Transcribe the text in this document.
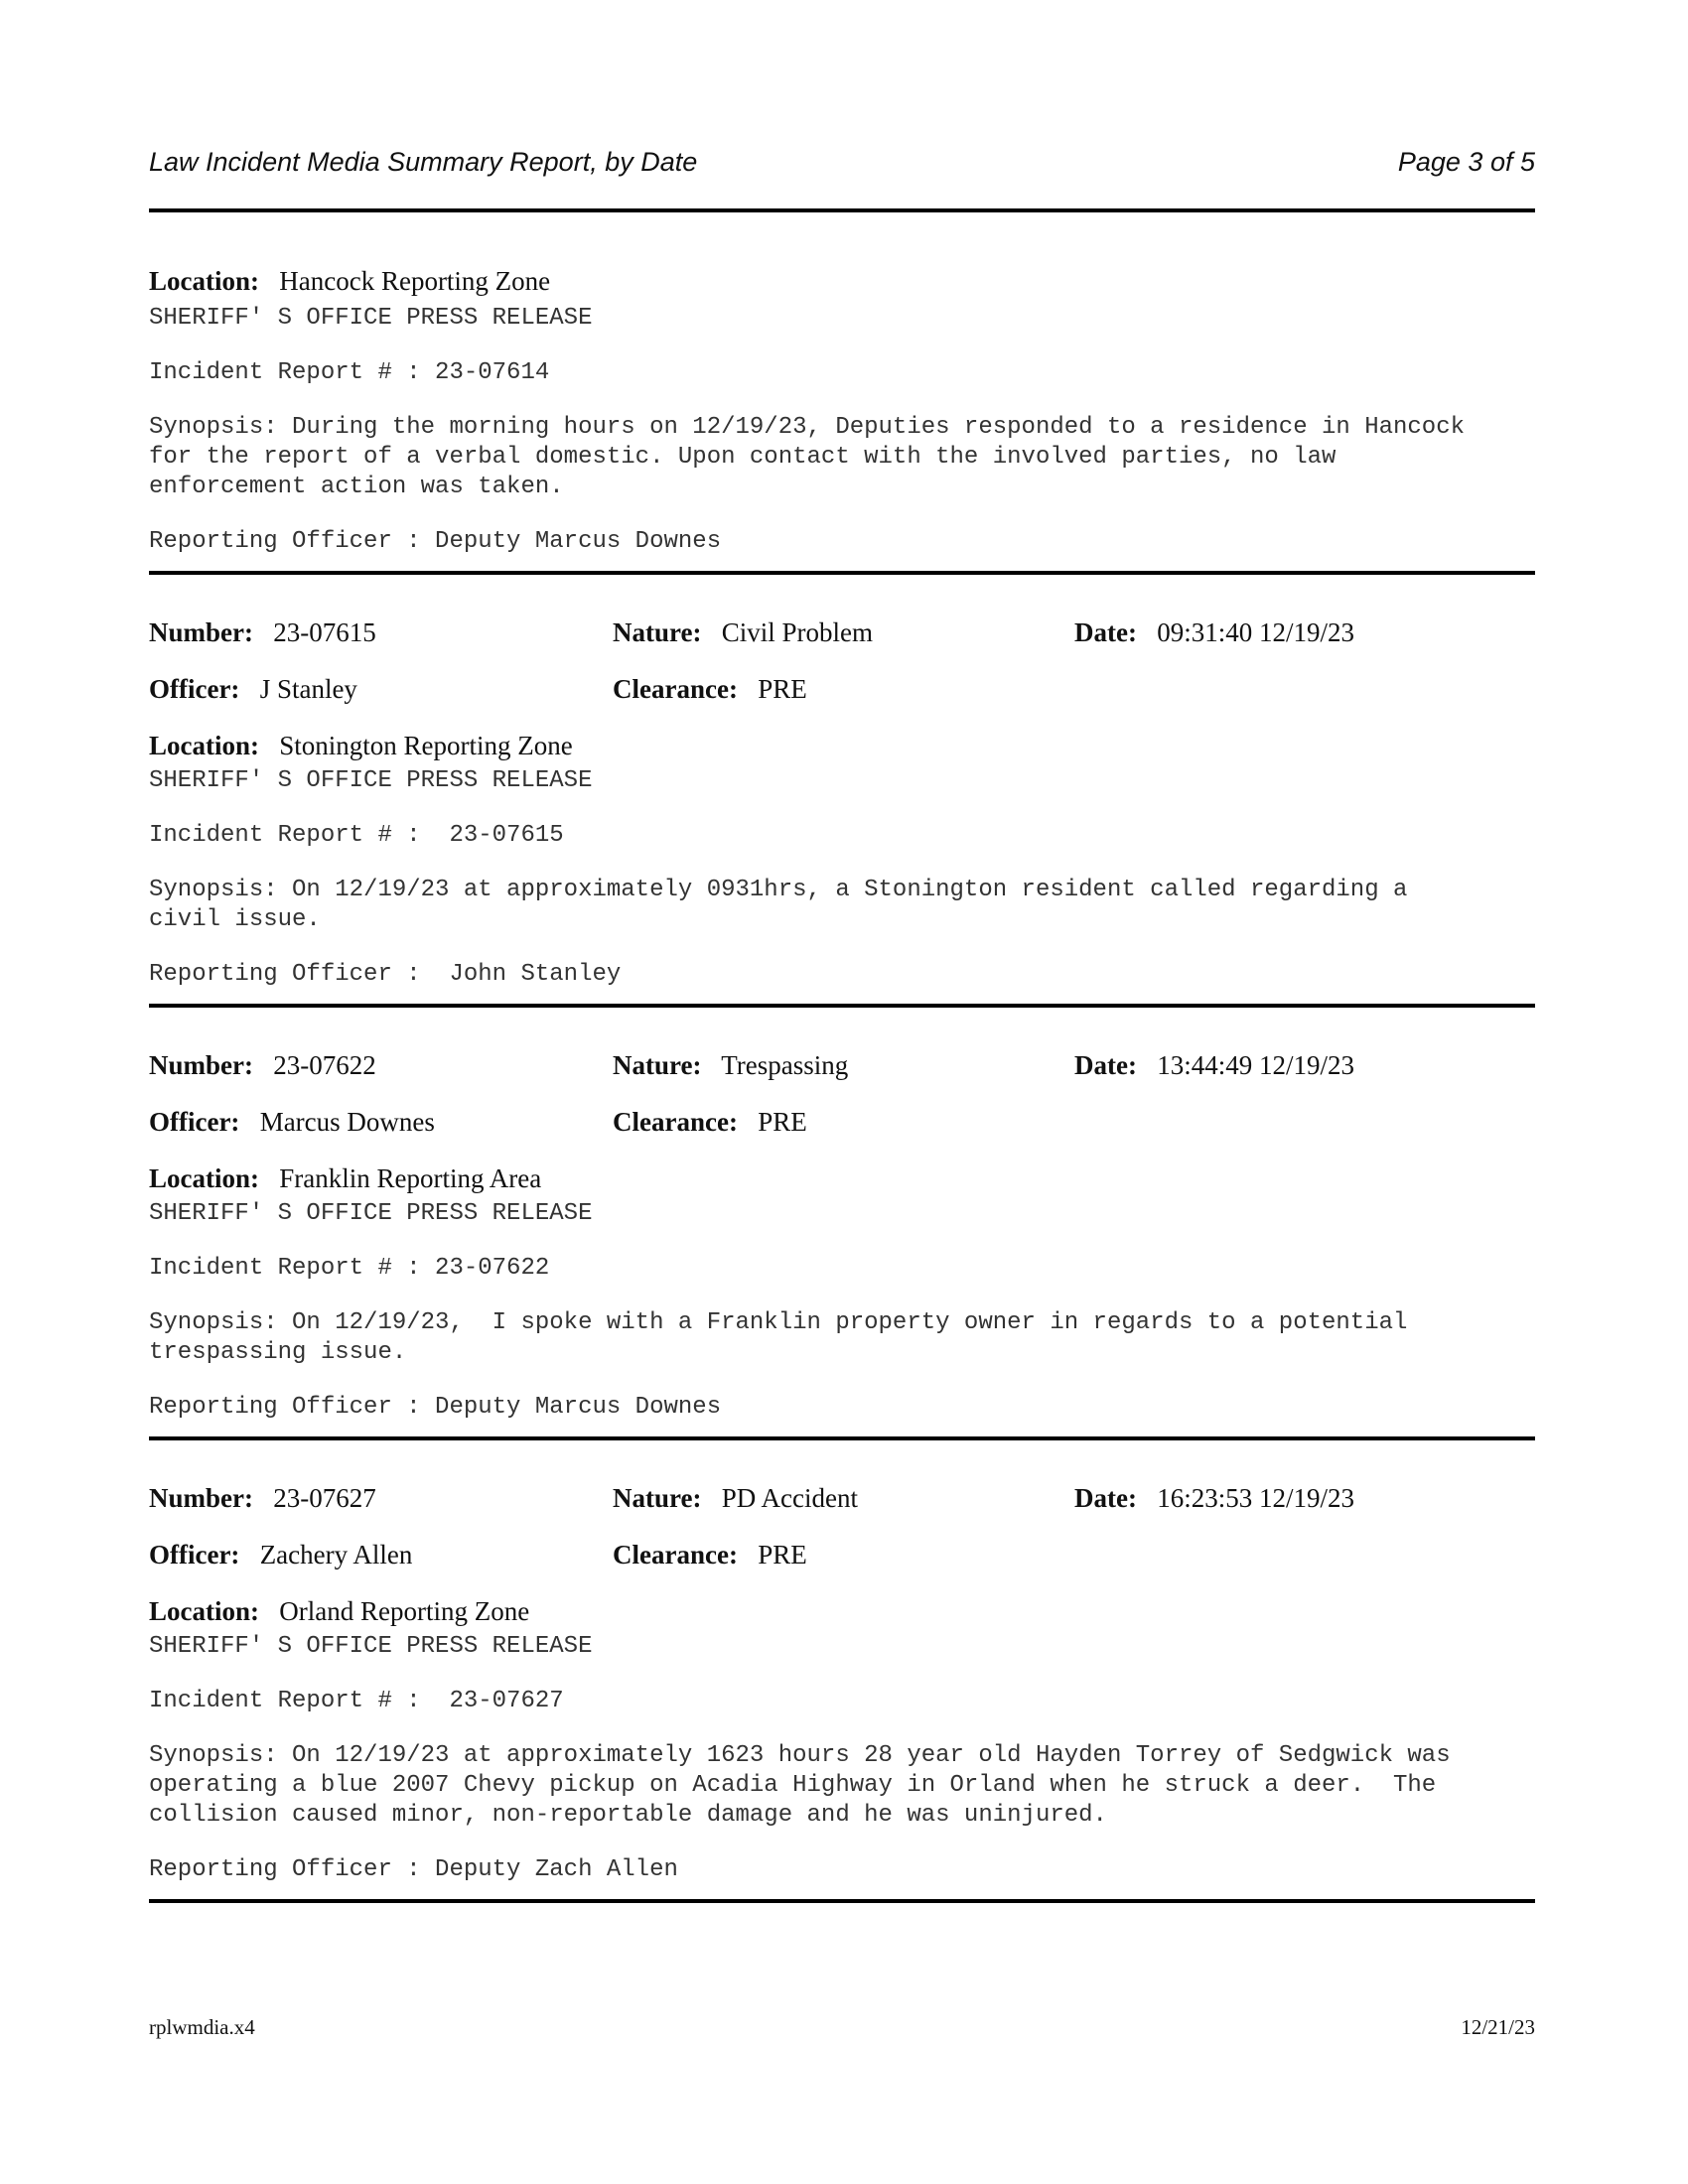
Law Incident Media Summary Report, by Date	Page 3 of 5
Location: Hancock Reporting Zone
SHERIFF' S OFFICE PRESS RELEASE
Incident Report # : 23-07614
Synopsis: During the morning hours on 12/19/23, Deputies responded to a residence in Hancock
for the report of a verbal domestic. Upon contact with the involved parties, no law
enforcement action was taken.
Reporting Officer : Deputy Marcus Downes
Number: 23-07615	Nature: Civil Problem	Date: 09:31:40 12/19/23
Officer: J Stanley	Clearance: PRE
Location: Stonington Reporting Zone
SHERIFF' S OFFICE PRESS RELEASE
Incident Report # :  23-07615
Synopsis: On 12/19/23 at approximately 0931hrs, a Stonington resident called regarding a
civil issue.
Reporting Officer :  John Stanley
Number: 23-07622	Nature: Trespassing	Date: 13:44:49 12/19/23
Officer: Marcus Downes	Clearance: PRE
Location: Franklin Reporting Area
SHERIFF' S OFFICE PRESS RELEASE
Incident Report # : 23-07622
Synopsis: On 12/19/23,  I spoke with a Franklin property owner in regards to a potential
trespassing issue.
Reporting Officer : Deputy Marcus Downes
Number: 23-07627	Nature: PD Accident	Date: 16:23:53 12/19/23
Officer: Zachery Allen	Clearance: PRE
Location: Orland Reporting Zone
SHERIFF' S OFFICE PRESS RELEASE
Incident Report # :  23-07627
Synopsis: On 12/19/23 at approximately 1623 hours 28 year old Hayden Torrey of Sedgwick was
operating a blue 2007 Chevy pickup on Acadia Highway in Orland when he struck a deer.  The
collision caused minor, non-reportable damage and he was uninjured.
Reporting Officer : Deputy Zach Allen
rplwmdia.x4	12/21/23
